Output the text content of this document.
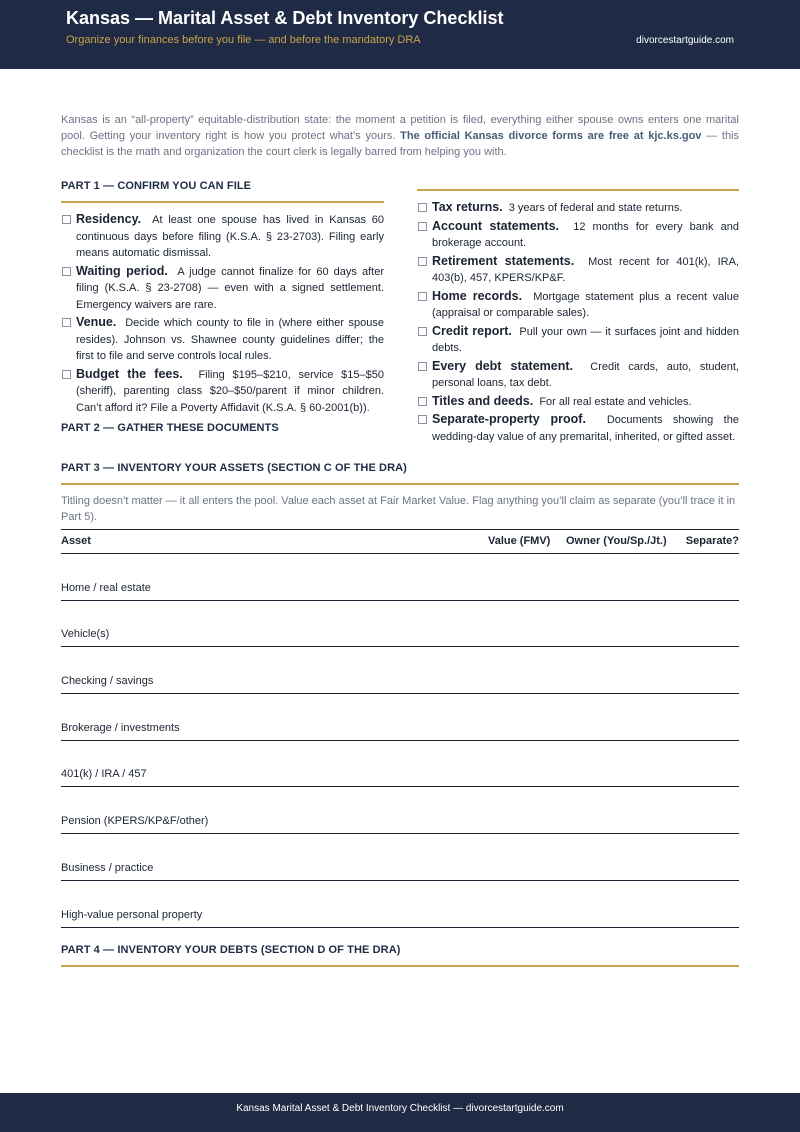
Kansas — Marital Asset & Debt Inventory Checklist
Organize your finances before you file — and before the mandatory DRA	divorcestartguide.com
Kansas is an “all-property” equitable-distribution state: the moment a petition is filed, everything either spouse owns enters one marital pool. Getting your inventory right is how you protect what’s yours. The official Kansas divorce forms are free at kjc.ks.gov — this checklist is the math and organization the court clerk is legally barred from helping you with.
PART 1 — CONFIRM YOU CAN FILE
Residency. At least one spouse has lived in Kansas 60 continuous days before filing (K.S.A. § 23-2703). Filing early means automatic dismissal.
Waiting period. A judge cannot finalize for 60 days after filing (K.S.A. § 23-2708) — even with a signed settlement. Emergency waivers are rare.
Venue. Decide which county to file in (where either spouse resides). Johnson vs. Shawnee county guidelines differ; the first to file and serve controls local rules.
Budget the fees. Filing $195–$210, service $15–$50 (sheriff), parenting class $20–$50/parent if minor children. Can’t afford it? File a Poverty Affidavit (K.S.A. § 60-2001(b)).
PART 2 — GATHER THESE DOCUMENTS
Tax returns. 3 years of federal and state returns.
Account statements. 12 months for every bank and brokerage account.
Retirement statements. Most recent for 401(k), IRA, 403(b), 457, KPERS/KP&F.
Home records. Mortgage statement plus a recent value (appraisal or comparable sales).
Credit report. Pull your own — it surfaces joint and hidden debts.
Every debt statement. Credit cards, auto, student, personal loans, tax debt.
Titles and deeds. For all real estate and vehicles.
Separate-property proof. Documents showing the wedding-day value of any premarital, inherited, or gifted asset.
PART 3 — INVENTORY YOUR ASSETS (SECTION C OF THE DRA)
Titling doesn’t matter — it all enters the pool. Value each asset at Fair Market Value. Flag anything you’ll claim as separate (you’ll trace it in Part 5).
Asset	Value (FMV) Owner (You/Sp./Jt.) Separate?
Home / real estate
Vehicle(s)
Checking / savings
Brokerage / investments
401(k) / IRA / 457
Pension (KPERS/KP&F/other)
Business / practice
High-value personal property
PART 4 — INVENTORY YOUR DEBTS (SECTION D OF THE DRA)
Kansas Marital Asset & Debt Inventory Checklist — divorcestartguide.com
